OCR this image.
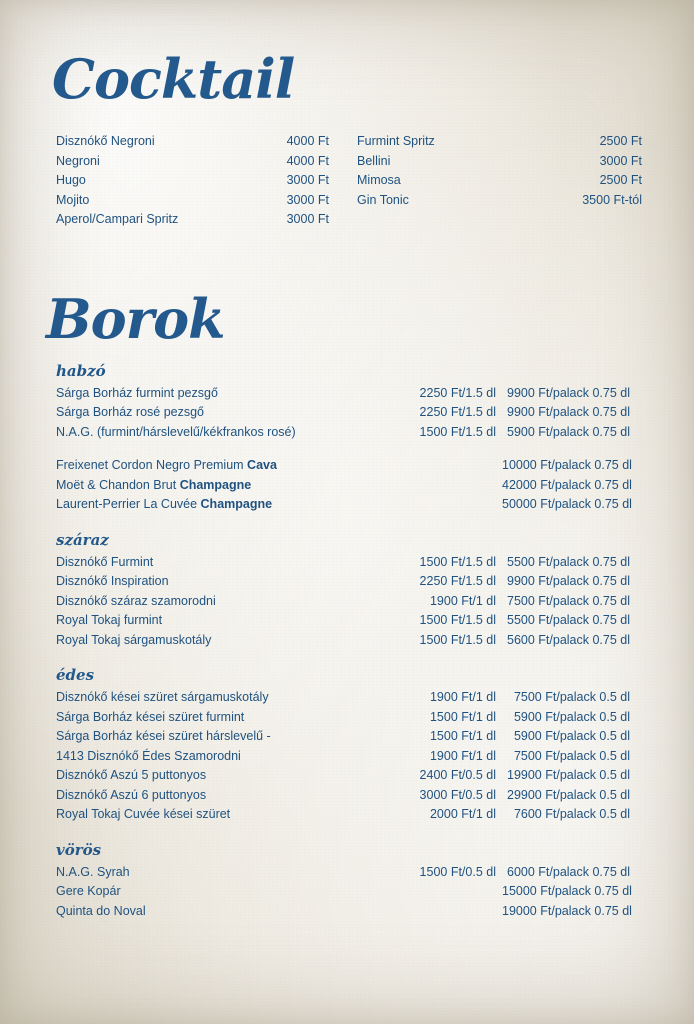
Cocktail
Disznókő Negroni	4000 Ft
Negroni	4000 Ft
Hugo	3000 Ft
Mojito	3000 Ft
Aperol/Campari Spritz	3000 Ft
Furmint Spritz	2500 Ft
Bellini	3000 Ft
Mimosa	2500 Ft
Gin Tonic	3500 Ft-tól
Borok
habzó
Sárga Borház furmint pezsgő	2250 Ft/1.5 dl 9900 Ft/palack 0.75 dl
Sárga Borház rosé pezsgő	2250 Ft/1.5 dl 9900 Ft/palack 0.75 dl
N.A.G. (furmint/hárslevelű/kékfrankos rosé)	1500 Ft/1.5 dl 5900 Ft/palack 0.75 dl
Freixenet Cordon Negro Premium Cava	10000 Ft/palack 0.75 dl
Moët & Chandon Brut Champagne	42000 Ft/palack 0.75 dl
Laurent-Perrier La Cuvée Champagne	50000 Ft/palack 0.75 dl
száraz
Disznókő Furmint	1500 Ft/1.5 dl 5500 Ft/palack 0.75 dl
Disznókő Inspiration	2250 Ft/1.5 dl 9900 Ft/palack 0.75 dl
Disznókő száraz szamorodni	1900 Ft/1 dl 7500 Ft/palack 0.75 dl
Royal Tokaj furmint	1500 Ft/1.5 dl 5500 Ft/palack 0.75 dl
Royal Tokaj sárgamuskotály	1500 Ft/1.5 dl 5600 Ft/palack 0.75 dl
édes
Disznókő kései szüret sárgamuskotály	1900 Ft/1 dl	7500 Ft/palack 0.5 dl
Sárga Borház kései szüret furmint	1500 Ft/1 dl	5900 Ft/palack 0.5 dl
Sárga Borház kései szüret hárslevelű -	1500 Ft/1 dl	5900 Ft/palack 0.5 dl
1413 Disznókő Édes Szamorodni	1900 Ft/1 dl	7500 Ft/palack 0.5 dl
Disznókő Aszú 5 puttonyos	2400 Ft/0.5 dl 19900 Ft/palack 0.5 dl
Disznókő Aszú 6 puttonyos	3000 Ft/0.5 dl 29900 Ft/palack 0.5 dl
Royal Tokaj Cuvée kései szüret	2000 Ft/1 dl	7600 Ft/palack 0.5 dl
vörös
N.A.G. Syrah	1500 Ft/0.5 dl 6000 Ft/palack 0.75 dl
Gere Kopár	15000 Ft/palack 0.75 dl
Quinta do Noval	19000 Ft/palack 0.75 dl
